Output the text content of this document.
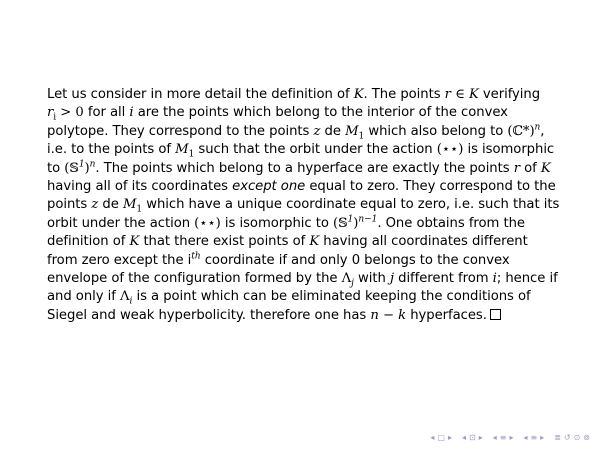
Let us consider in more detail the definition of K. The points r ∈ K verifying
$r_i > 0$ for all i are the points which belong to the interior of the convex
polytope. They correspond to the points z de $M_1$ which also belong to (ℂ*)$^n$,
i.e. to the points of $M_1$ such that the orbit under the action (⋆⋆) is isomorphic
to (𝕊$^1$)$^n$. The points which belong to a hyperface are exactly the points r of K
having all of its coordinates except one equal to zero. They correspond to the
points z de $M_1$ which have a unique coordinate equal to zero, i.e. such that its
orbit under the action (⋆⋆) is isomorphic to (𝕊$^1$)$^{n-1}$. One obtains from the
definition of K that there exist points of K having all coordinates different
from zero except the $i^{th}$ coordinate if and only 0 belongs to the convex
envelope of the configuration formed by the $\Lambda_j$ with j different from i; hence if
and only if $\Lambda_i$ is a point which can be eliminated keeping the conditions of
Siegel and weak hyperbolicity. therefore one has n − k hyperfaces.
◂ □ ▸ ◂ ⊡ ▸ ◂ ≡ ▸ ◂ ≡ ▸ ≣ ↺ ⊙ ⊚
